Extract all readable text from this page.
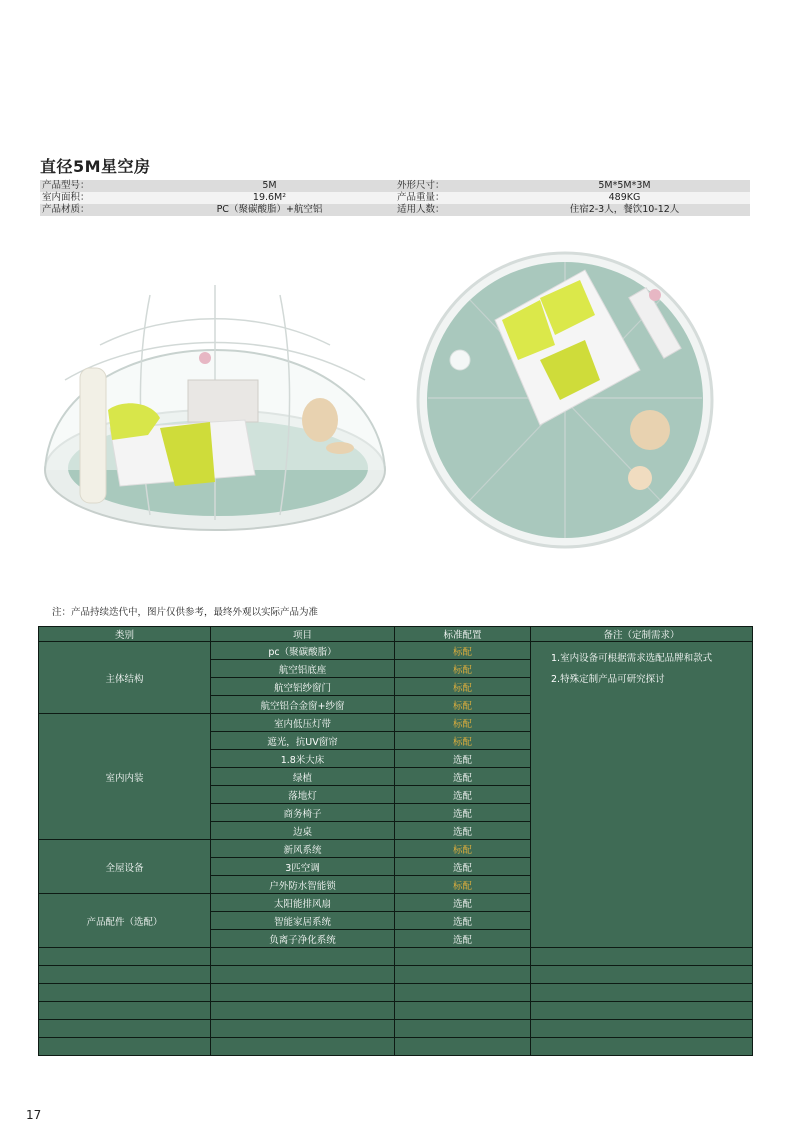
直径5M星空房
产品型号：	5M	外形尺寸：	5M*5M*3M
室内面积：	19.6M²	产品重量：	489KG
产品材质：	PC（聚碳酸脂）+航空铝	适用人数：	住宿2-3人，餐饮10-12人
注：产品持续迭代中，图片仅供参考，最终外观以实际产品为准
类别	项目	标准配置	备注（定制需求）
主体结构	pc（聚碳酸脂）	标配	1.室内设备可根据需求选配品牌和款式
2.特殊定制产品可研究探讨

	航空铝底座	标配	
	航空铝纱窗门	标配	
	航空铝合金窗+纱窗	标配	
室内内装	室内低压灯带	标配	
	遮光，抗UV窗帘	标配	
	1.8米大床	选配	
	绿植	选配	
	落地灯	选配	
	商务椅子	选配	
	边桌	选配	
全屋设备	新风系统	标配	
	3匹空调	选配	
	户外防水智能锁	标配	
产品配件（选配）	太阳能排风扇	选配	
	智能家居系统	选配	
	负离子净化系统	选配	

17
